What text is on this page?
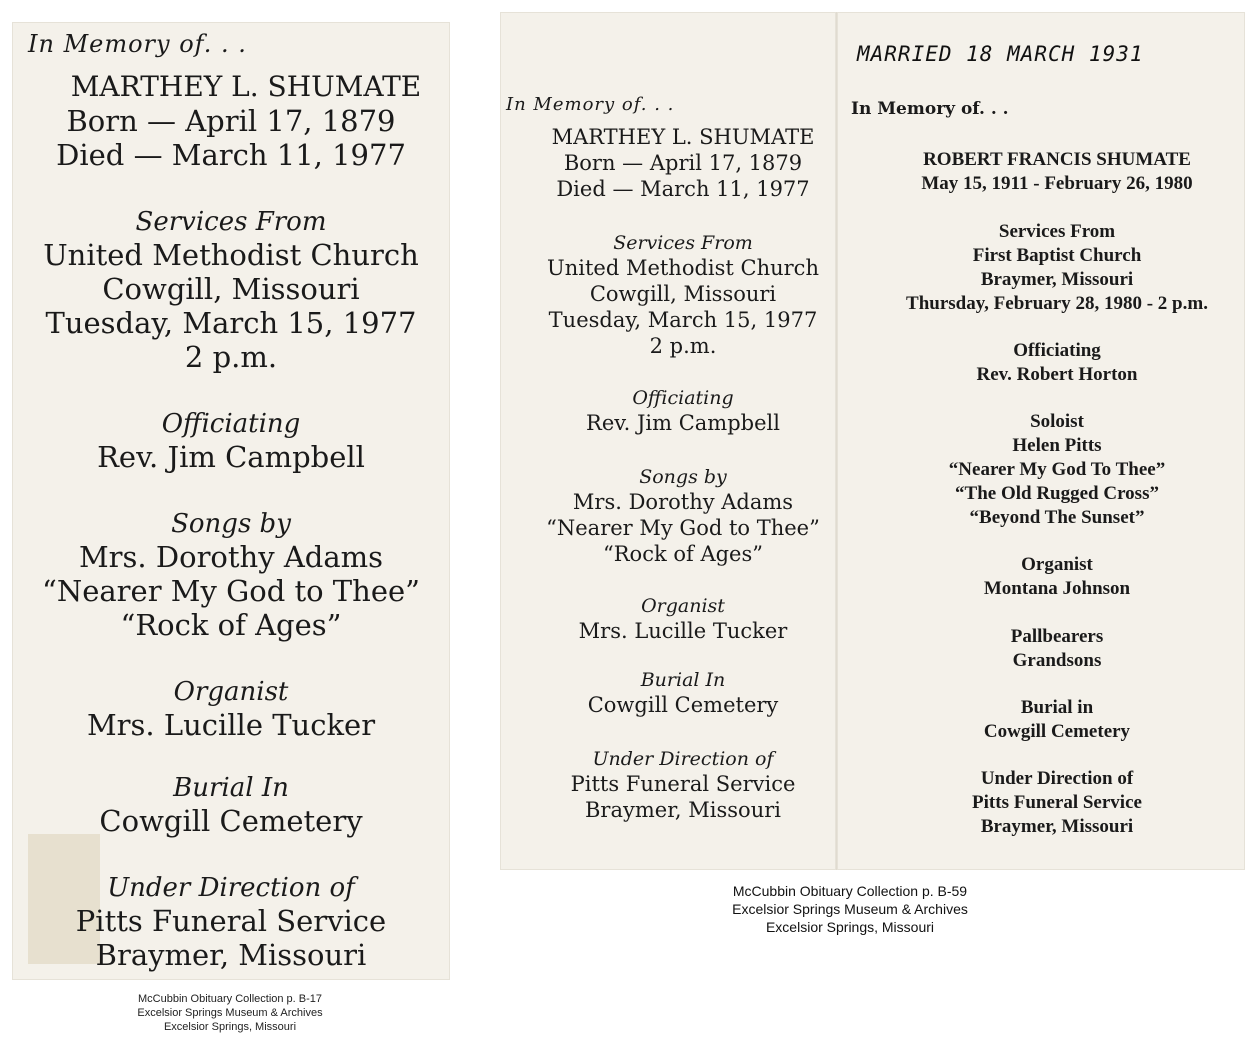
In Memory of. . .
MARTHEY L. SHUMATE
Born — April 17, 1879
Died — March 11, 1977
Services From
United Methodist Church
Cowgill, Missouri
Tuesday, March 15, 1977
2 p.m.
Officiating
Rev. Jim Campbell
Songs by
Mrs. Dorothy Adams
“Nearer My God to Thee”
“Rock of Ages”
Organist
Mrs. Lucille Tucker
Burial In
Cowgill Cemetery
Under Direction of
Pitts Funeral Service
Braymer, Missouri
McCubbin Obituary Collection p. B-17
Excelsior Springs Museum & Archives
Excelsior Springs, Missouri
In Memory of. . .
MARTHEY L. SHUMATE
Born — April 17, 1879
Died — March 11, 1977
Services From
United Methodist Church
Cowgill, Missouri
Tuesday, March 15, 1977
2 p.m.
Officiating
Rev. Jim Campbell
Songs by
Mrs. Dorothy Adams
“Nearer My God to Thee”
“Rock of Ages”
Organist
Mrs. Lucille Tucker
Burial In
Cowgill Cemetery
Under Direction of
Pitts Funeral Service
Braymer, Missouri
MARRIED 18 MARCH 1931
In Memory of. . .
ROBERT FRANCIS SHUMATE
May 15, 1911 - February 26, 1980
Services From
First Baptist Church
Braymer, Missouri
Thursday, February 28, 1980 - 2 p.m.
Officiating
Rev. Robert Horton
Soloist
Helen Pitts
“Nearer My God To Thee”
“The Old Rugged Cross”
“Beyond The Sunset”
Organist
Montana Johnson
Pallbearers
Grandsons
Burial in
Cowgill Cemetery
Under Direction of
Pitts Funeral Service
Braymer, Missouri
McCubbin Obituary Collection p. B-59
Excelsior Springs Museum & Archives
Excelsior Springs, Missouri
